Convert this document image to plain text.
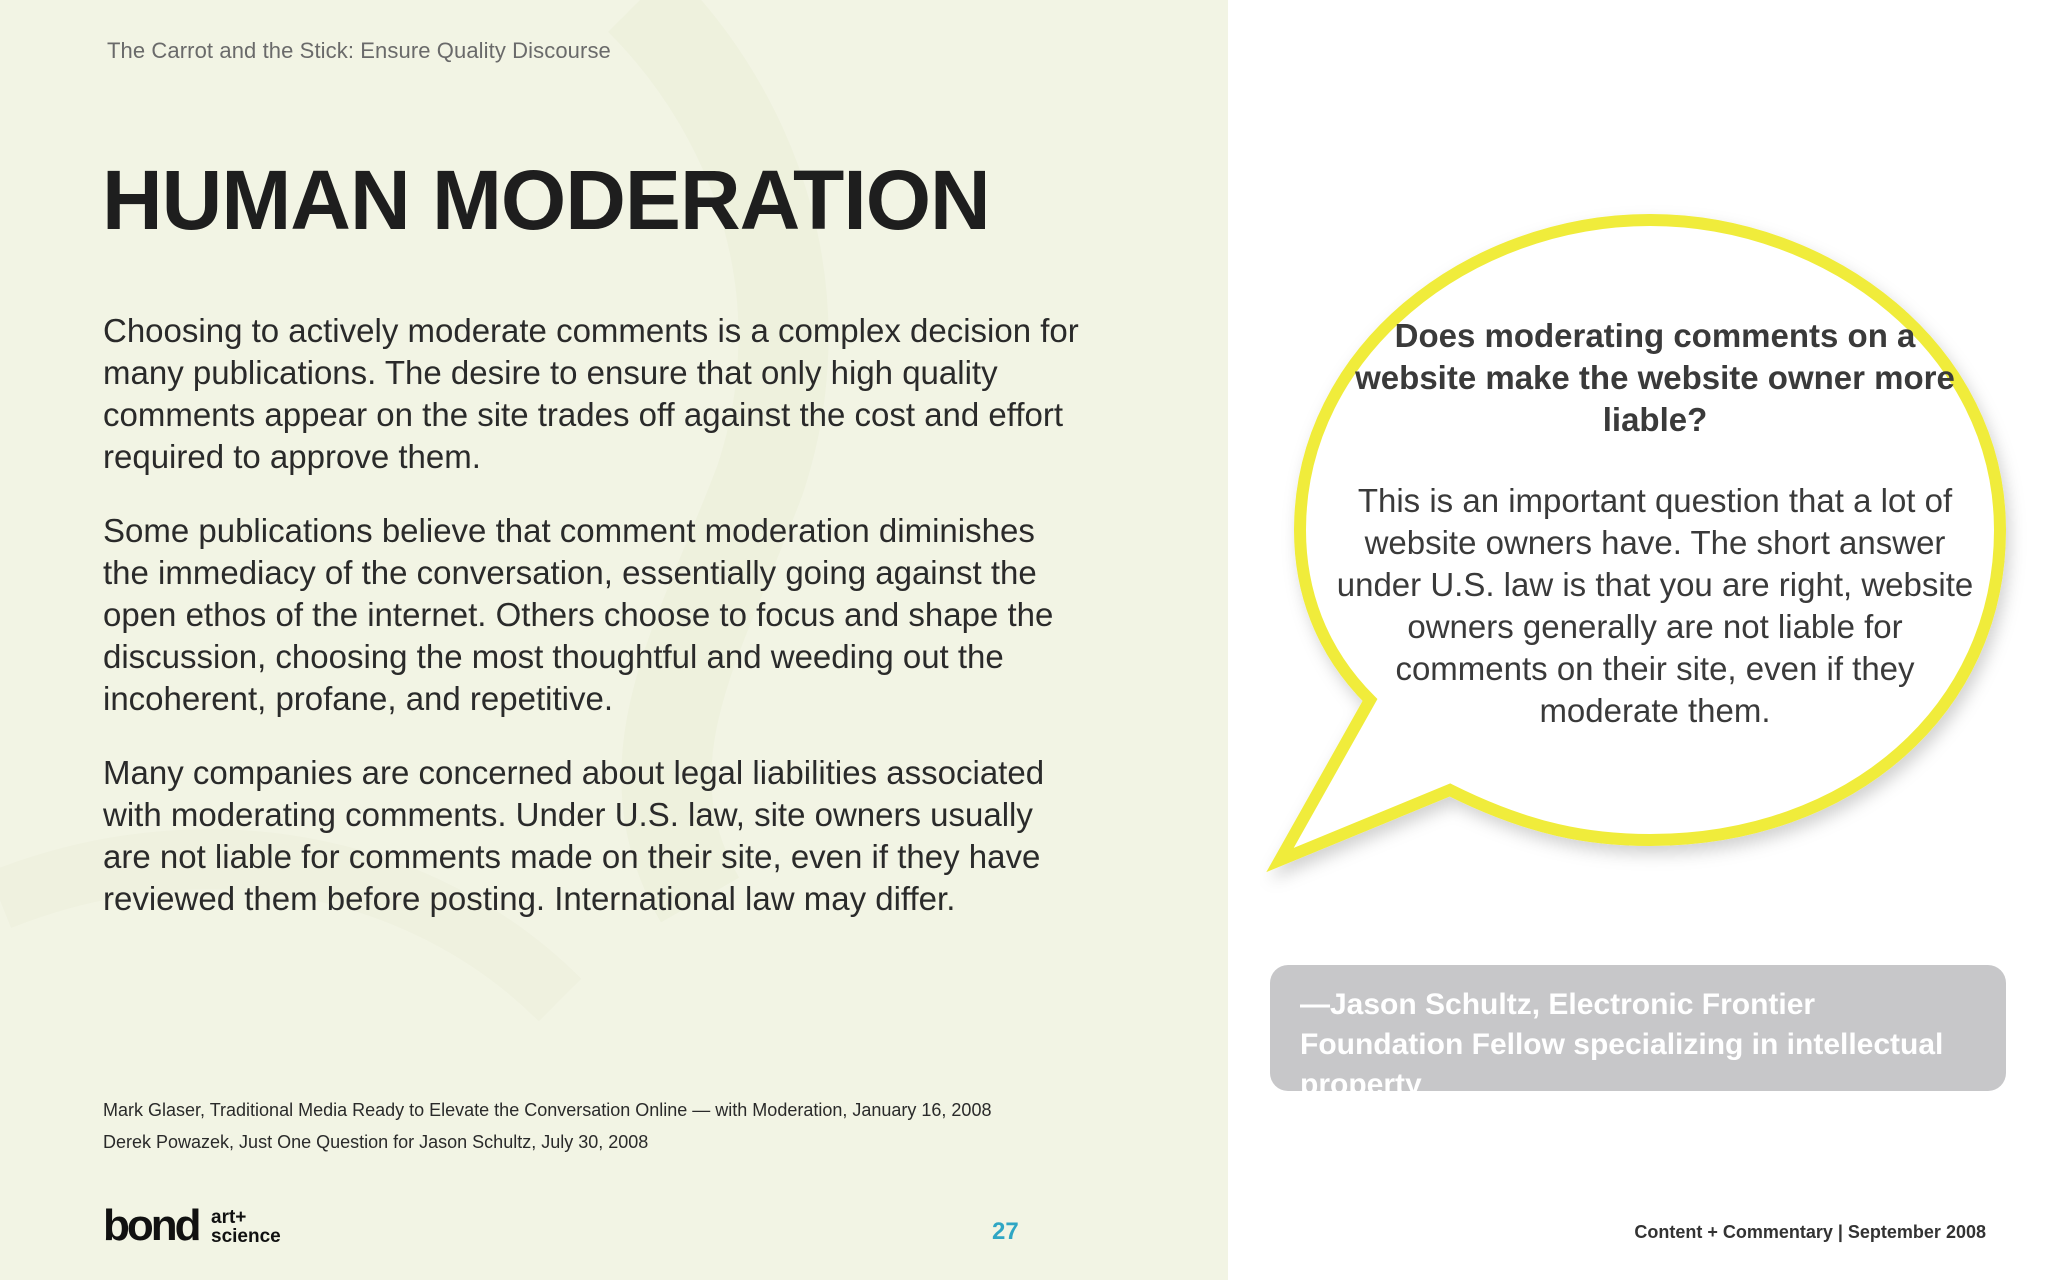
The Carrot and the Stick: Ensure Quality Discourse
HUMAN MODERATION

Choosing to actively moderate comments is a complex decision for many publications. The desire to ensure that only high quality comments appear on the site trades off against the cost and effort required to approve them.

Some publications believe that comment moderation diminishes the immediacy of the conversation, essentially going against the open ethos of the internet. Others choose to focus and shape the discussion, choosing the most thoughtful and weeding out the incoherent, profane, and repetitive.

Many companies are concerned about legal liabilities associated with moderating comments. Under U.S. law, site owners usually are not liable for comments made on their site, even if they have reviewed them before posting. International law may differ.

Mark Glaser, Traditional Media Ready to Elevate the Conversation Online — with Moderation, January 16, 2008
Derek Powazek, Just One Question for Jason Schultz, July 30, 2008
Does moderating comments on a website make the website owner more liable?
This is an important question that a lot of website owners have. The short answer under U.S. law is that you are right, website owners generally are not liable for comments on their site, even if they moderate them.
—Jason Schultz, Electronic Frontier Foundation Fellow specializing in intellectual property
bond art+
science	27	Content + Commentary | September 2008
